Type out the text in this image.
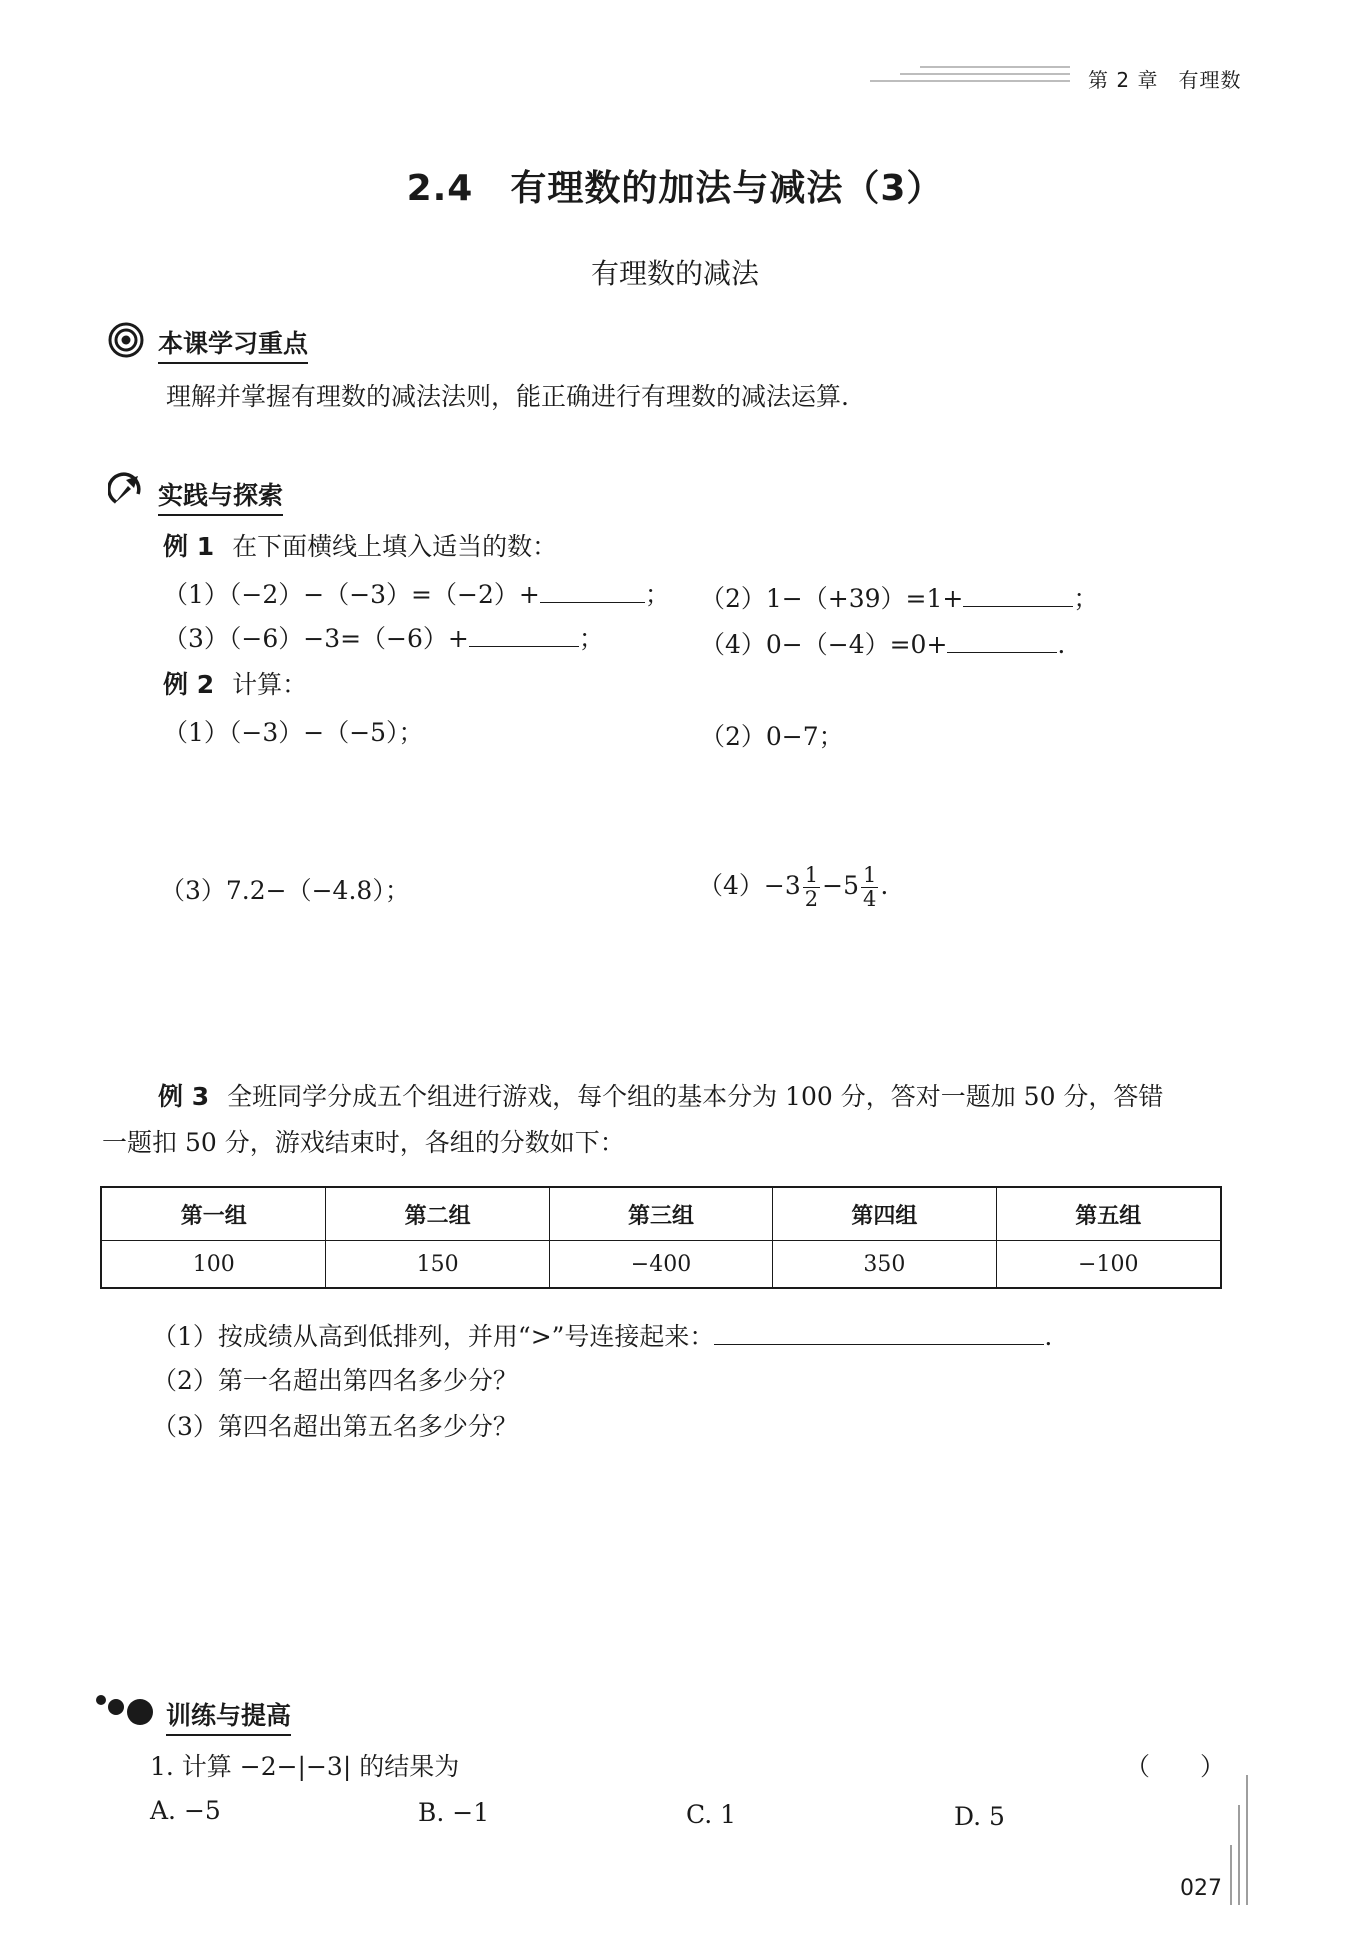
第 2 章 有理数
2.4　有理数的加法与减法（3）
有理数的减法
本课学习重点
理解并掌握有理数的减法法则，能正确进行有理数的减法运算.
实践与探索
例 1 在下面横线上填入适当的数：
（1）（−2）−（−3）=（−2）+	； （2）1−（+39）=1+	；
（3）（−6）−3=（−6）+	；	（4）0−（−4）=0+	.
例 2 计算：
（1）（−3）−（−5）；	（2）0−7；
（3）7.2−（−4.8）；	$(4)-3 \frac{1}{2} -5 \frac{1}{4}$ .
例 3 全班同学分成五个组进行游戏，每个组的基本分为 100 分，答对一题加 50 分，答错
一题扣 50 分，游戏结束时，各组的分数如下：
第一组	第二组	第三组	第四组	第五组
100	150	−400	350	−100
（1）按成绩从高到低排列，并用“>”号连接起来：	.
（2）第一名超出第四名多少分？
（3）第四名超出第五名多少分？
训练与提高
1. 计算 −2−|−3| 的结果为	（　　）
A. −5	B. −1	C. 1	D. 5
027
